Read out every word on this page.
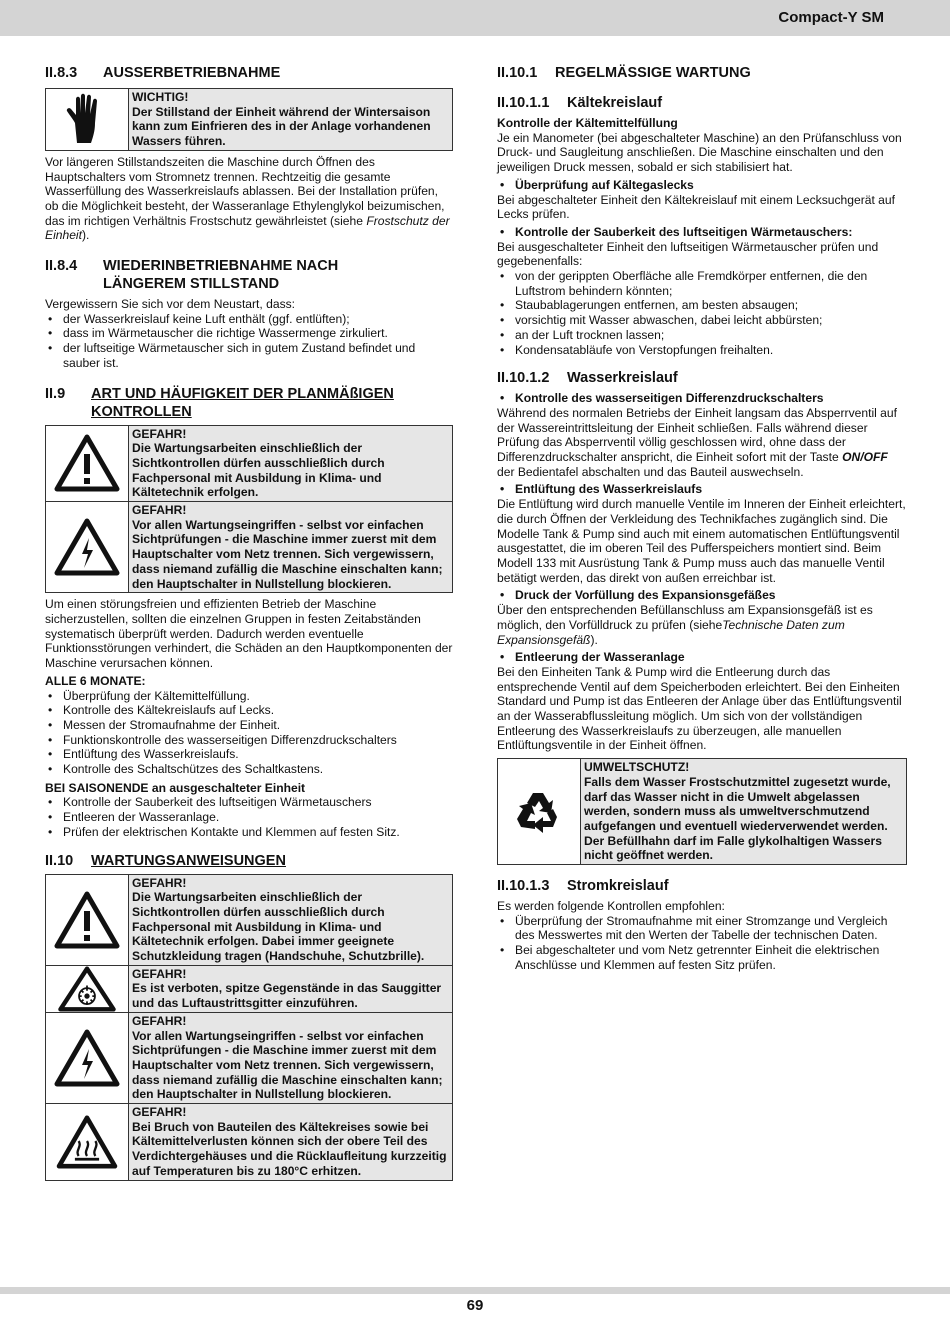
Compact-Y SM
II.8.3	AUSSERBETRIEBNAHME
WICHTIG!
Der Stillstand der Einheit während der Wintersaison kann zum Einfrieren des in der Anlage vorhandenen Wassers führen.

Vor längeren Stillstandszeiten die Maschine durch Öffnen des Hauptschalters vom Stromnetz trennen. Rechtzeitig die gesamte Wasserfüllung des Wasserkreislaufs ablassen. Bei der Installation prüfen, ob die Möglichkeit besteht, der Wasseranlage Ethylenglykol beizumischen, das im richtigen Verhältnis Frostschutz gewährleistet (siehe Frostschutz der Einheit).

II.8.4	WIEDERINBETRIEBNAHME NACH
LÄNGEREM STILLSTAND

Vergewissern Sie sich vor dem Neustart, dass:

• der Wasserkreislauf keine Luft enthält (ggf. entlüften);
• dass im Wärmetauscher die richtige Wassermenge zirkuliert.
• der luftseitige Wärmetauscher sich in gutem Zustand befindet und sauber ist.
II.9	ART UND HÄUFIGKEIT DER PLANMÄßIGEN
KONTROLLEN
GEFAHR!
Die Wartungsarbeiten einschließlich der Sichtkontrollen dürfen ausschließlich durch Fachpersonal mit Ausbildung in Klima- und Kältetechnik erfolgen.
GEFAHR!
Vor allen Wartungseingriffen - selbst vor einfachen Sichtprüfungen - die Maschine immer zuerst mit dem Hauptschalter vom Netz trennen. Sich vergewissern, dass niemand zufällig die Maschine einschalten kann; den Hauptschalter in Nullstellung blockieren.

Um einen störungsfreien und effizienten Betrieb der Maschine sicherzustellen, sollten die einzelnen Gruppen in festen Zeitabständen systematisch überprüft werden. Dadurch werden eventuelle Funktionsstörungen verhindert, die Schäden an den Hauptkomponenten der Maschine verursachen können.

ALLE 6 MONATE:

• Überprüfung der Kältemittelfüllung.
• Kontrolle des Kältekreislaufs auf Lecks.
• Messen der Stromaufnahme der Einheit.
• Funktionskontrolle des wasserseitigen Differenzdruckschalters
• Entlüftung des Wasserkreislaufs.
• Kontrolle des Schaltschützes des Schaltkastens.

BEI SAISONENDE an ausgeschalteter Einheit

• Kontrolle der Sauberkeit des luftseitigen Wärmetauschers
• Entleeren der Wasseranlage.
• Prüfen der elektrischen Kontakte und Klemmen auf festen Sitz.
II.10	WARTUNGSANWEISUNGEN
GEFAHR!
Die Wartungsarbeiten einschließlich der Sichtkontrollen dürfen ausschließlich durch Fachpersonal mit Ausbildung in Klima- und Kältetechnik erfolgen. Dabei immer geeignete Schutzkleidung tragen (Handschuhe, Schutzbrille).
GEFAHR!
Es ist verboten, spitze Gegenstände in das Sauggitter und das Luftaustrittsgitter einzuführen.
GEFAHR!
Vor allen Wartungseingriffen - selbst vor einfachen Sichtprüfungen - die Maschine immer zuerst mit dem Hauptschalter vom Netz trennen. Sich vergewissern, dass niemand zufällig die Maschine einschalten kann; den Hauptschalter in Nullstellung blockieren.
GEFAHR!
Bei Bruch von Bauteilen des Kältekreises sowie bei Kältemittelverlusten können sich der obere Teil des Verdichtergehäuses und die Rücklaufleitung kurzzeitig auf Temperaturen bis zu 180°C erhitzen.
II.10.1	REGELMÄSSIGE WARTUNG
II.10.1.1	Kältekreislauf

Kontrolle der Kältemittelfüllung

Je ein Manometer (bei abgeschalteter Maschine) an den Prüfanschluss von Druck- und Saugleitung anschließen. Die Maschine einschalten und den jeweiligen Druck messen, sobald er sich stabilisiert hat.

• Überprüfung auf Kältegaslecks

Bei abgeschalteter Einheit den Kältekreislauf mit einem Lecksuchgerät auf Lecks prüfen.

• Kontrolle der Sauberkeit des luftseitigen Wärmetauschers:

Bei ausgeschalteter Einheit den luftseitigen Wärmetauscher prüfen und gegebenenfalls:

• von der gerippten Oberfläche alle Fremdkörper entfernen, die den Luftstrom behindern könnten;
• Staubablagerungen entfernen, am besten absaugen;
• vorsichtig mit Wasser abwaschen, dabei leicht abbürsten;
• an der Luft trocknen lassen;
• Kondensatabläufe von Verstopfungen freihalten.
II.10.1.2	Wasserkreislauf
• Kontrolle des wasserseitigen Differenzdruckschalters

Während des normalen Betriebs der Einheit langsam das Absperrventil auf der Wassereintrittsleitung der Einheit schließen. Falls während dieser Prüfung das Absperrventil völlig geschlossen wird, ohne dass der Differenzdruckschalter anspricht, die Einheit sofort mit der Taste ON/OFF der Bedientafel abschalten und das Bauteil auswechseln.

• Entlüftung des Wasserkreislaufs

Die Entlüftung wird durch manuelle Ventile im Inneren der Einheit erleichtert, die durch Öffnen der Verkleidung des Technikfaches zugänglich sind. Die Modelle Tank & Pump sind auch mit einem automatischen Entlüftungsventil ausgestattet, die im oberen Teil des Pufferspeichers montiert sind. Beim Modell 133 mit Ausrüstung Tank & Pump muss auch das manuelle Ventil betätigt werden, das direkt von außen erreichbar ist.

• Druck der Vorfüllung des Expansionsgefäßes

Über den entsprechenden Befüllanschluss am Expansionsgefäß ist es möglich, den Vorfülldruck zu prüfen (sieheTechnische Daten zum Expansionsgefäß).

• Entleerung der Wasseranlage

Bei den Einheiten Tank & Pump wird die Entleerung durch das entsprechende Ventil auf dem Speicherboden erleichtert. Bei den Einheiten Standard und Pump ist das Entleeren der Anlage über das Entlüftungsventil an der Wasserabflussleitung möglich. Um sich von der vollständigen Entleerung des Wasserkreislaufs zu überzeugen, alle manuellen Entlüftungsventile in der Einheit öffnen.

UMWELTSCHUTZ!
Falls dem Wasser Frostschutzmittel zugesetzt wurde, darf das Wasser nicht in die Umwelt abgelassen werden, sondern muss als umweltverschmutzend aufgefangen und eventuell wiederverwendet werden. Der Befüllhahn darf im Falle glykolhaltigen Wassers nicht geöffnet werden.
II.10.1.3	Stromkreislauf

Es werden folgende Kontrollen empfohlen:

• Überprüfung der Stromaufnahme mit einer Stromzange und Vergleich des Messwertes mit den Werten der Tabelle der technischen Daten.
• Bei abgeschalteter und vom Netz getrennter Einheit die elektrischen Anschlüsse und Klemmen auf festen Sitz prüfen.
69
